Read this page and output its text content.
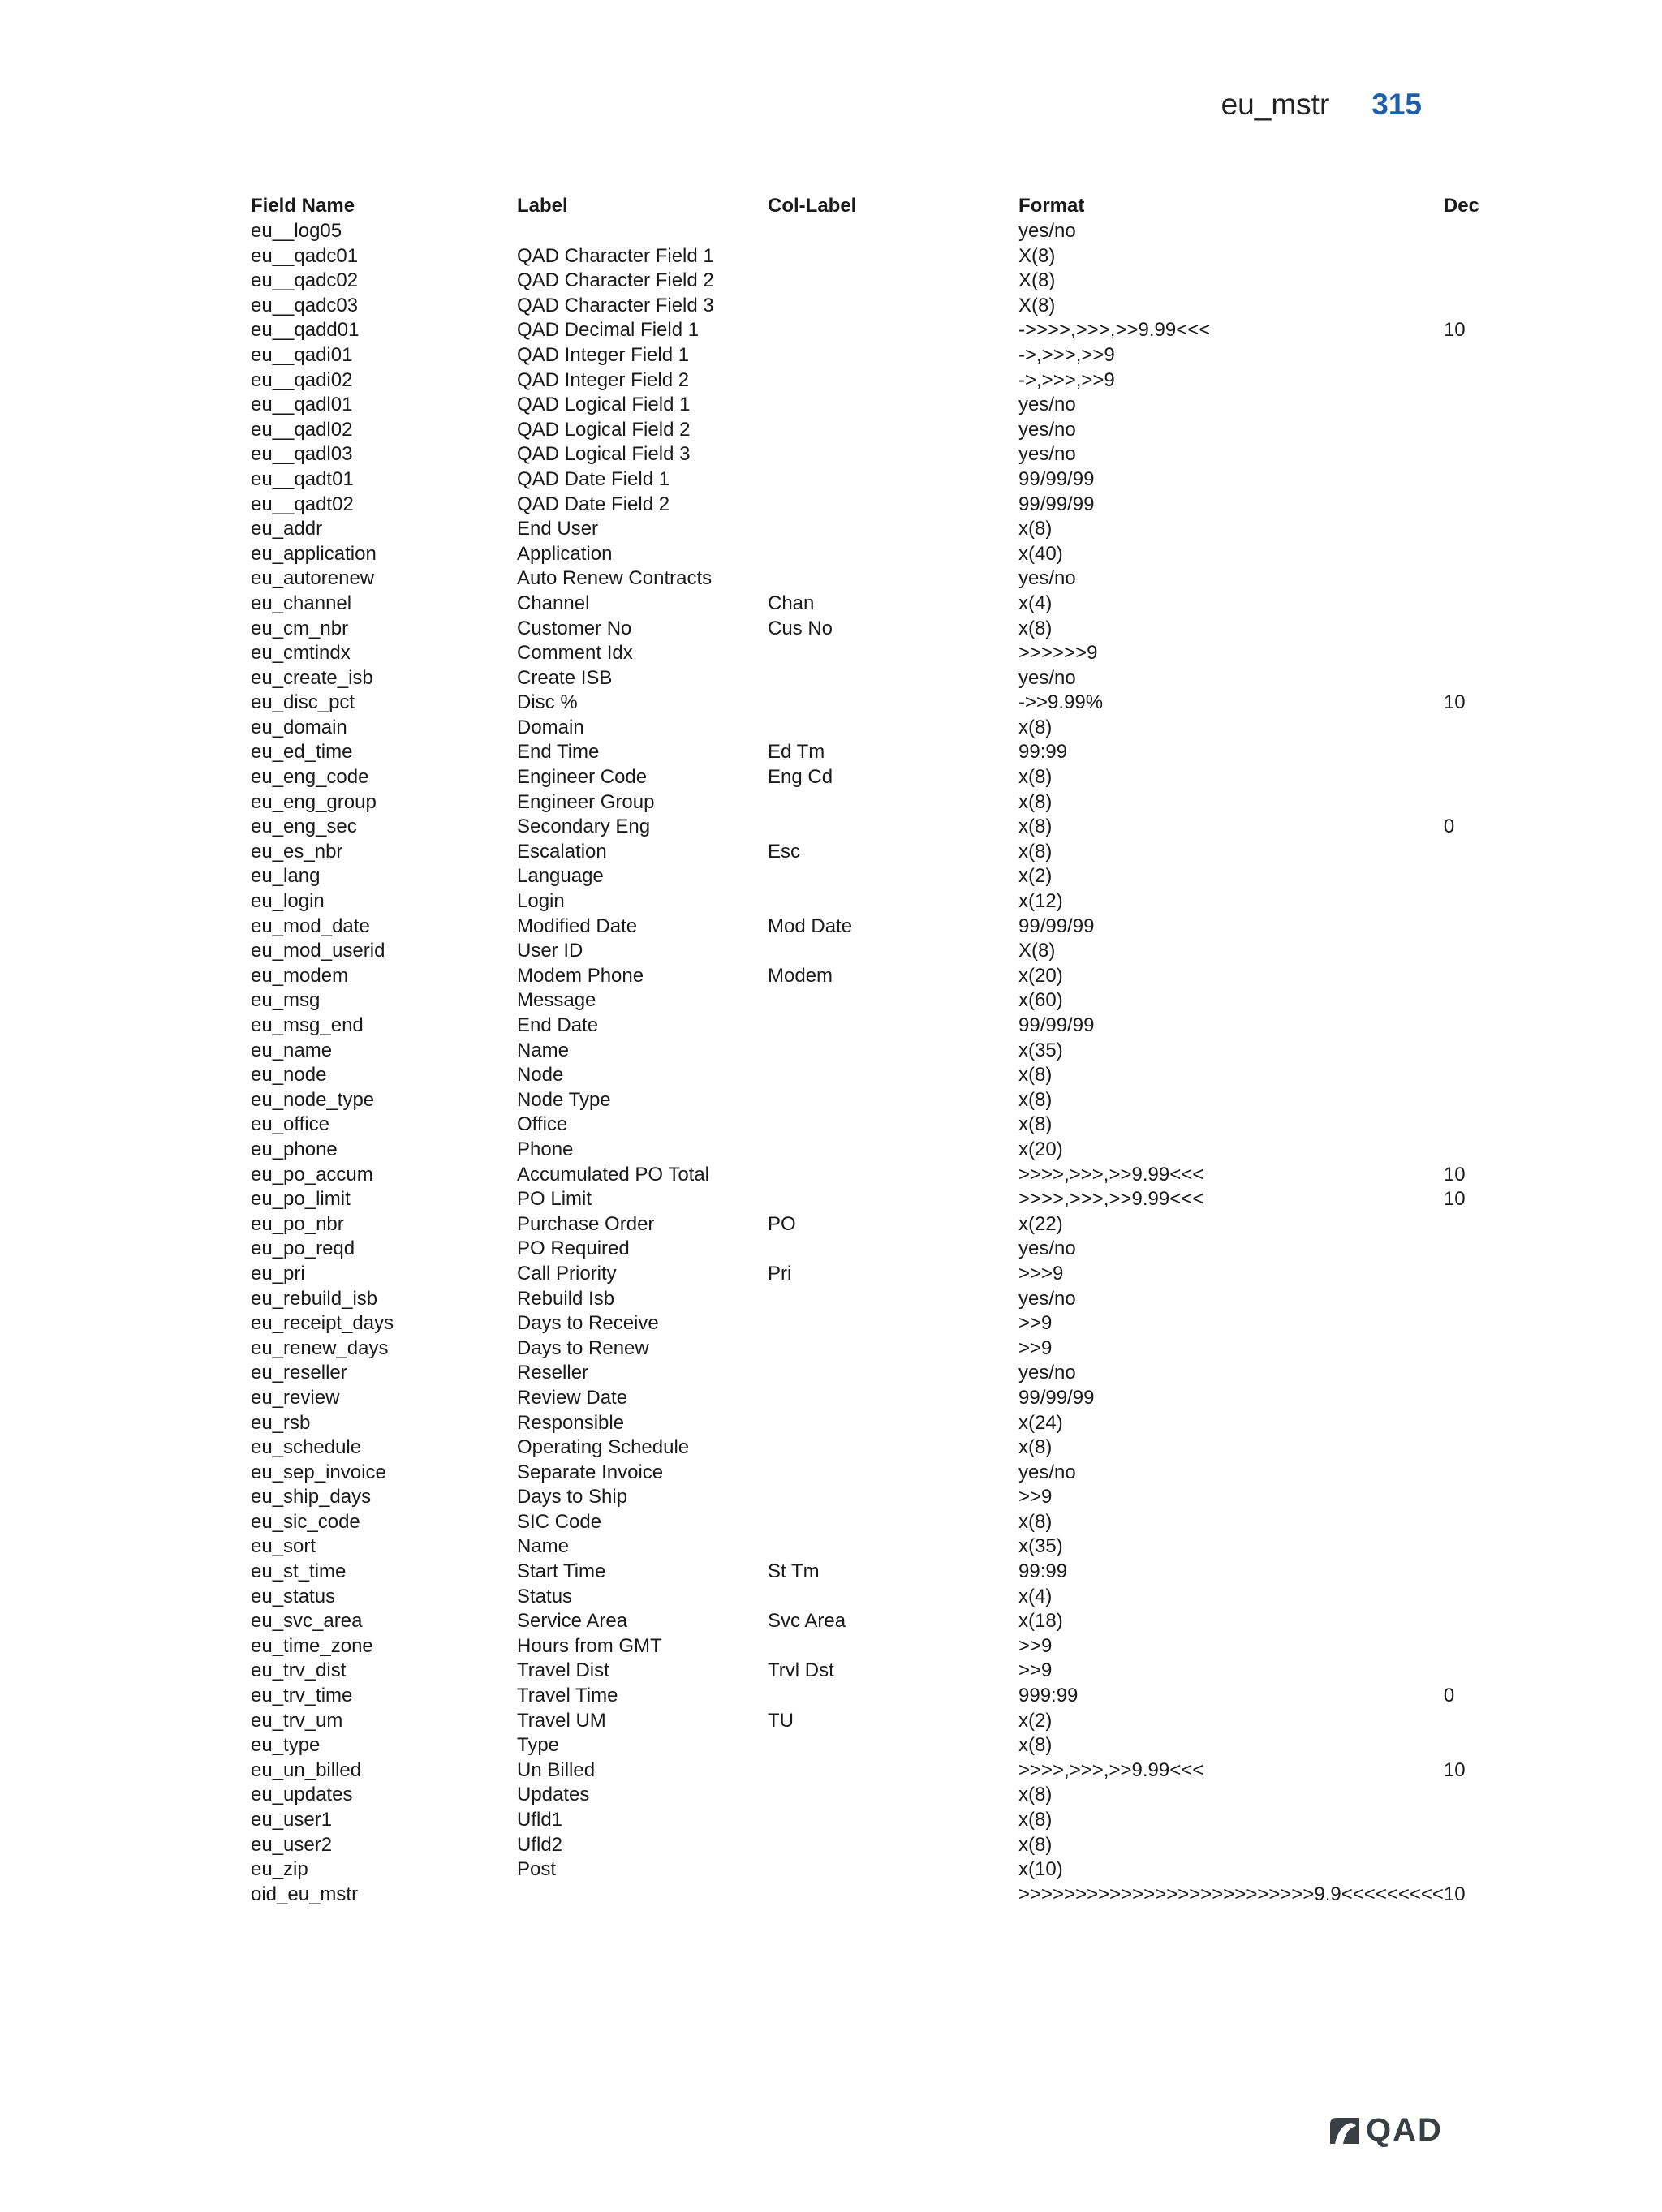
eu_mstr 315
Field Name	Label	Col-Label	Format	Dec
eu__log05			yes/no	
eu__qadc01	QAD Character Field 1		X(8)	
eu__qadc02	QAD Character Field 2		X(8)	
eu__qadc03	QAD Character Field 3		X(8)	
eu__qadd01	QAD Decimal Field 1		->>>>,>>>,>>9.99<<<	10
eu__qadi01	QAD Integer Field 1		->,>>>,>>9	
eu__qadi02	QAD Integer Field 2		->,>>>,>>9	
eu__qadl01	QAD Logical Field 1		yes/no	
eu__qadl02	QAD Logical Field 2		yes/no	
eu__qadl03	QAD Logical Field 3		yes/no	
eu__qadt01	QAD Date Field 1		99/99/99	
eu__qadt02	QAD Date Field 2		99/99/99	
eu_addr	End User		x(8)	
eu_application	Application		x(40)	
eu_autorenew	Auto Renew Contracts		yes/no	
eu_channel	Channel	Chan	x(4)	
eu_cm_nbr	Customer No	Cus No	x(8)	
eu_cmtindx	Comment Idx		>>>>>>9	
eu_create_isb	Create ISB		yes/no	
eu_disc_pct	Disc %		->>9.99%	10
eu_domain	Domain		x(8)	
eu_ed_time	End Time	Ed Tm	99:99	
eu_eng_code	Engineer Code	Eng Cd	x(8)	
eu_eng_group	Engineer Group		x(8)	
eu_eng_sec	Secondary Eng		x(8)	0
eu_es_nbr	Escalation	Esc	x(8)	
eu_lang	Language		x(2)	
eu_login	Login		x(12)	
eu_mod_date	Modified Date	Mod Date	99/99/99	
eu_mod_userid	User ID		X(8)	
eu_modem	Modem Phone	Modem	x(20)	
eu_msg	Message		x(60)	
eu_msg_end	End Date		99/99/99	
eu_name	Name		x(35)	
eu_node	Node		x(8)	
eu_node_type	Node Type		x(8)	
eu_office	Office		x(8)	
eu_phone	Phone		x(20)	
eu_po_accum	Accumulated PO Total		>>>>,>>>,>>9.99<<<	10
eu_po_limit	PO Limit		>>>>,>>>,>>9.99<<<	10
eu_po_nbr	Purchase Order	PO	x(22)	
eu_po_reqd	PO Required		yes/no	
eu_pri	Call Priority	Pri	>>>9	
eu_rebuild_isb	Rebuild Isb		yes/no	
eu_receipt_days	Days to Receive		>>9	
eu_renew_days	Days to Renew		>>9	
eu_reseller	Reseller		yes/no	
eu_review	Review Date		99/99/99	
eu_rsb	Responsible		x(24)	
eu_schedule	Operating Schedule		x(8)	
eu_sep_invoice	Separate Invoice		yes/no	
eu_ship_days	Days to Ship		>>9	
eu_sic_code	SIC Code		x(8)	
eu_sort	Name		x(35)	
eu_st_time	Start Time	St Tm	99:99	
eu_status	Status		x(4)	
eu_svc_area	Service Area	Svc Area	x(18)	
eu_time_zone	Hours from GMT		>>9	
eu_trv_dist	Travel Dist	Trvl Dst	>>9	
eu_trv_time	Travel Time		999:99	0
eu_trv_um	Travel UM	TU	x(2)	
eu_type	Type		x(8)	
eu_un_billed	Un Billed		>>>>,>>>,>>9.99<<<	10
eu_updates	Updates		x(8)	
eu_user1	Ufld1		x(8)	
eu_user2	Ufld2		x(8)	
eu_zip	Post		x(10)	
oid_eu_mstr			>>>>>>>>>>>>>>>>>>>>>>>>>>9.9<<<<<<<<<	10
QAD
